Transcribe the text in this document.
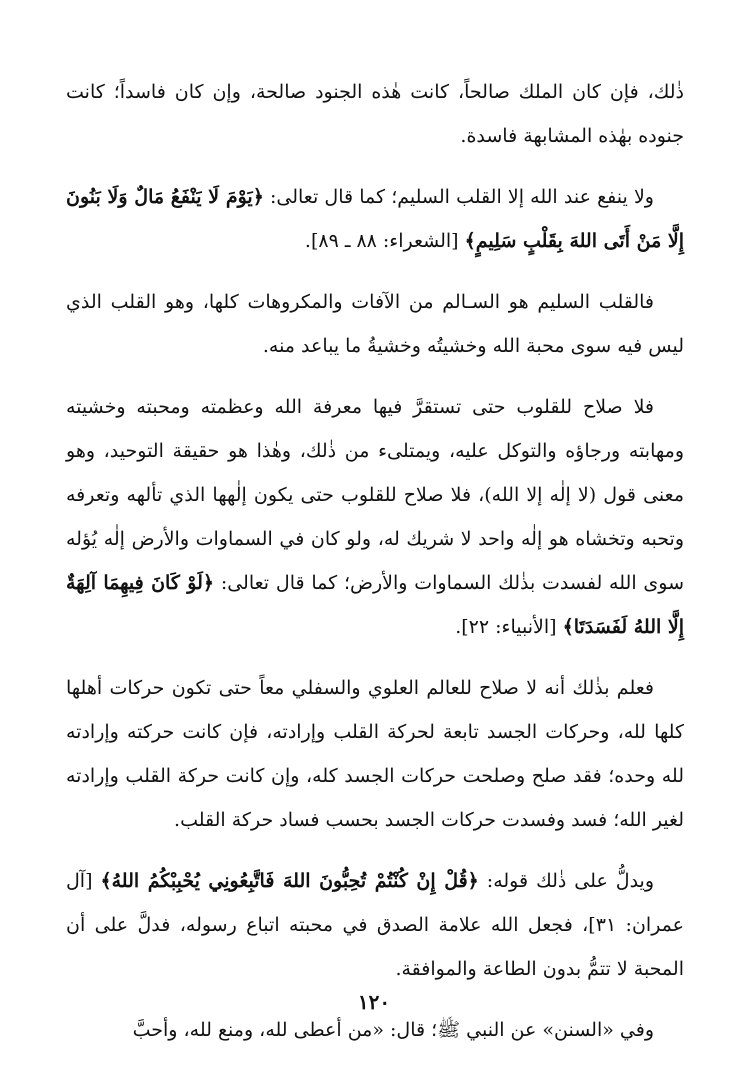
ذٰلك، فإن كان الملك صالحاً، كانت هٰذه الجنود صالحة، وإن كان فاسداً؛ كانت جنوده بهٰذه المشابهة فاسدة.

ولا ينفع عند الله إلا القلب السليم؛ كما قال تعالى: ﴿يَوْمَ لَا يَنْفَعُ مَالٌ وَلَا بَنُونَ إِلَّا مَنْ أَتَى اللهَ بِقَلْبٍ سَلِيمٍ﴾ [الشعراء: ٨٨ ـ ٨٩].

فالقلب السليم هو السـالم من الآفات والمكروهات كلها، وهو القلب الذي ليس فيه سوى محبة الله وخشيتُه وخشيةُ ما يباعد منه.

فلا صلاح للقلوب حتى تستقرَّ فيها معرفة الله وعظمته ومحبته وخشيته ومهابته ورجاؤه والتوكل عليه، ويمتلىء من ذٰلك، وهٰذا هو حقيقة التوحيد، وهو معنى قول (لا إلٰه إلا الله)، فلا صلاح للقلوب حتى يكون إلٰهها الذي تألهه وتعرفه وتحبه وتخشاه هو إلٰه واحد لا شريك له، ولو كان في السماوات والأرض إلٰه يُؤله سوى الله لفسدت بذٰلك السماوات والأرض؛ كما قال تعالى: ﴿لَوْ كَانَ فِيهِمَا آلِهَةٌ إِلَّا اللهُ لَفَسَدَتَا﴾ [الأنبياء: ٢٢].

فعلم بذٰلك أنه لا صلاح للعالم العلوي والسفلي معاً حتى تكون حركات أهلها كلها لله، وحركات الجسد تابعة لحركة القلب وإرادته، فإن كانت حركته وإرادته لله وحده؛ فقد صلح وصلحت حركات الجسد كله، وإن كانت حركة القلب وإرادته لغير الله؛ فسد وفسدت حركات الجسد بحسب فساد حركة القلب.

ويدلُّ على ذٰلك قوله: ﴿قُلْ إِنْ كُنْتُمْ تُحِبُّونَ اللهَ فَاتَّبِعُونِي يُحْبِبْكُمُ اللهُ﴾ [آل عمران: ٣١]، فجعل الله علامة الصدق في محبته اتباع رسوله، فدلَّ على أن المحبة لا تتمُّ بدون الطاعة والموافقة.

وفي «السنن» عن النبي ﷺ؛ قال: «من أعطى لله، ومنع لله، وأحبَّ

١٢٠
